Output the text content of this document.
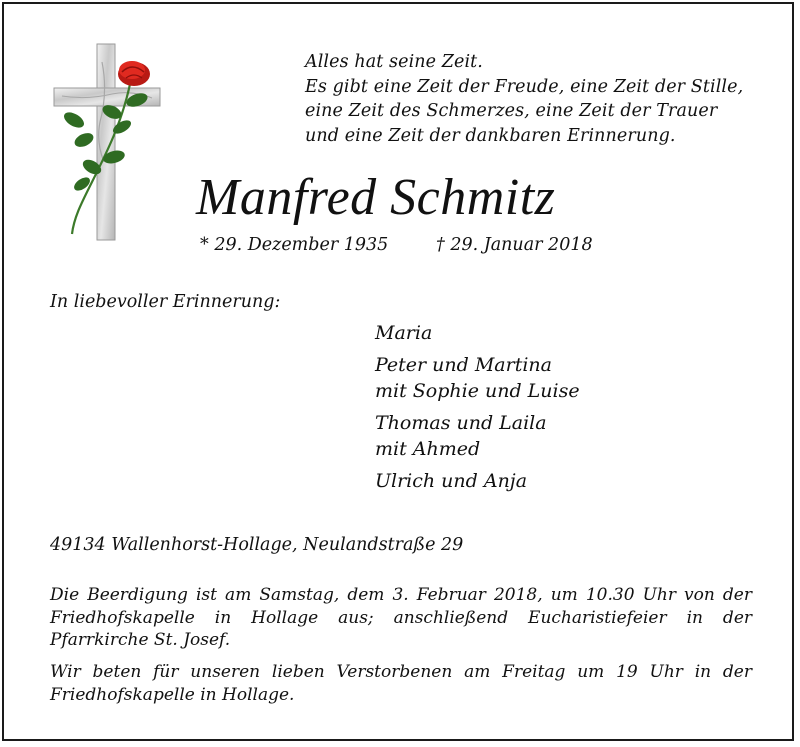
Alles hat seine Zeit.
Es gibt eine Zeit der Freude, eine Zeit der Stille,
eine Zeit des Schmerzes, eine Zeit der Trauer
und eine Zeit der dankbaren Erinnerung.
Manfred Schmitz
* 29. Dezember 1935	† 29. Januar 2018
In liebevoller Erinnerung:
Maria
Peter und Martina
mit Sophie und Luise
Thomas und Laila
mit Ahmed
Ulrich und Anja
49134 Wallenhorst-Hollage, Neulandstraße 29
Die Beerdigung ist am Samstag, dem 3. Februar 2018, um 10.30 Uhr von der Friedhofskapelle in Hollage aus; anschließend Eucharistiefeier in der Pfarrkirche St. Josef.
Wir beten für unseren lieben Verstorbenen am Freitag um 19 Uhr in der Friedhofskapelle in Hollage.
